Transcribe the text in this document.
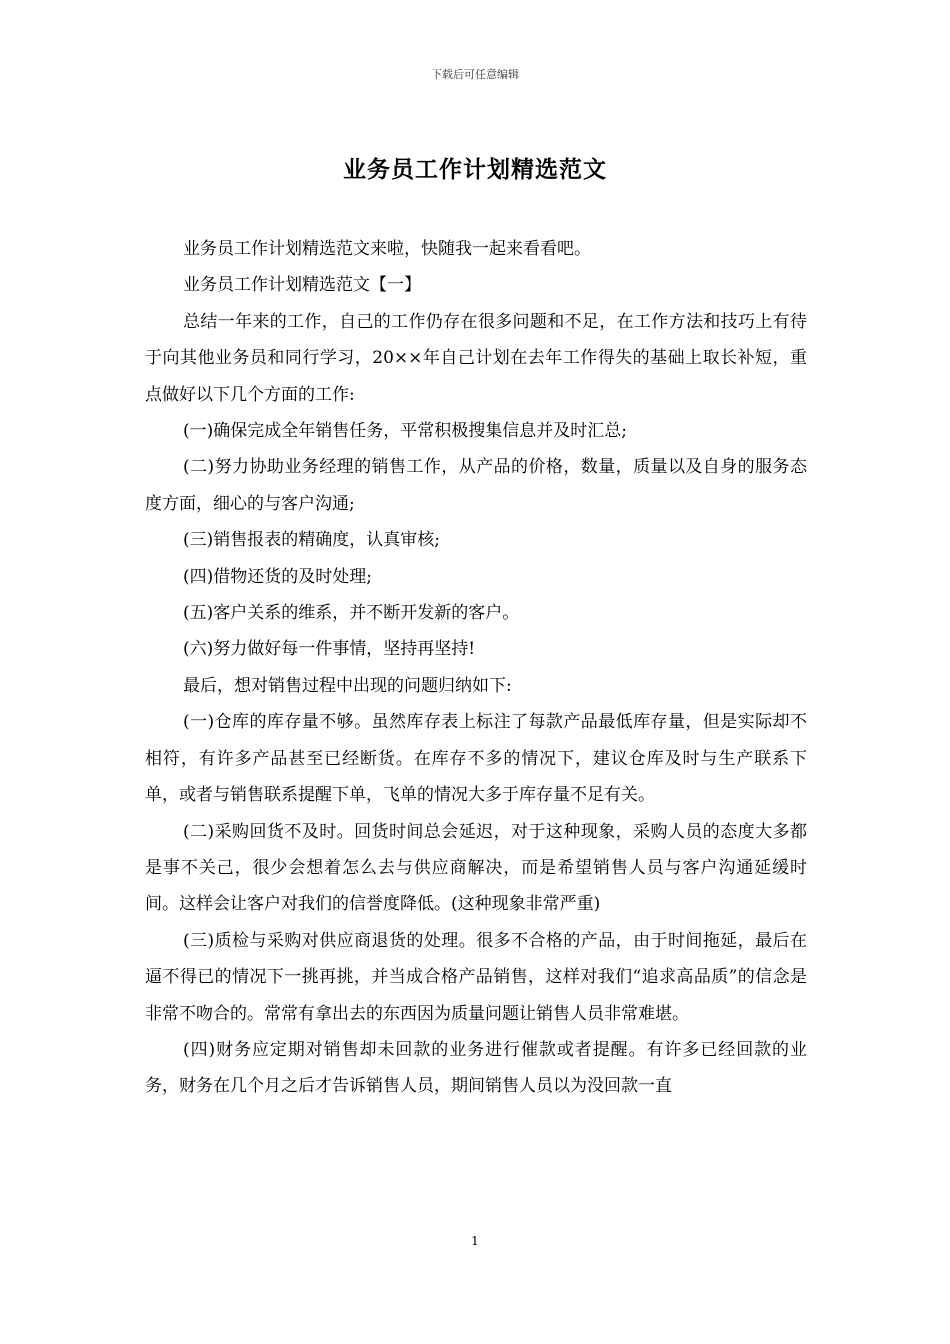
下载后可任意编辑
业务员工作计划精选范文

业务员工作计划精选范文来啦，快随我一起来看看吧。

业务员工作计划精选范文【一】

总结一年来的工作，自己的工作仍存在很多问题和不足，在工作方法和技巧上有待于向其他业务员和同行学习，20××年自己计划在去年工作得失的基础上取长补短，重点做好以下几个方面的工作:

(一)确保完成全年销售任务，平常积极搜集信息并及时汇总;

(二)努力协助业务经理的销售工作，从产品的价格，数量，质量以及自身的服务态度方面，细心的与客户沟通;

(三)销售报表的精确度，认真审核;

(四)借物还货的及时处理;

(五)客户关系的维系，并不断开发新的客户。

(六)努力做好每一件事情，坚持再坚持!

最后，想对销售过程中出现的问题归纳如下:

(一)仓库的库存量不够。虽然库存表上标注了每款产品最低库存量，但是实际却不相符，有许多产品甚至已经断货。在库存不多的情况下，建议仓库及时与生产联系下单，或者与销售联系提醒下单，飞单的情况大多于库存量不足有关。

(二)采购回货不及时。回货时间总会延迟，对于这种现象，采购人员的态度大多都是事不关己，很少会想着怎么去与供应商解决，而是希望销售人员与客户沟通延缓时间。这样会让客户对我们的信誉度降低。(这种现象非常严重)

(三)质检与采购对供应商退货的处理。很多不合格的产品，由于时间拖延，最后在逼不得已的情况下一挑再挑，并当成合格产品销售，这样对我们“追求高品质”的信念是非常不吻合的。常常有拿出去的东西因为质量问题让销售人员非常难堪。

(四)财务应定期对销售却未回款的业务进行催款或者提醒。有许多已经回款的业务，财务在几个月之后才告诉销售人员，期间销售人员以为没回款一直

1
